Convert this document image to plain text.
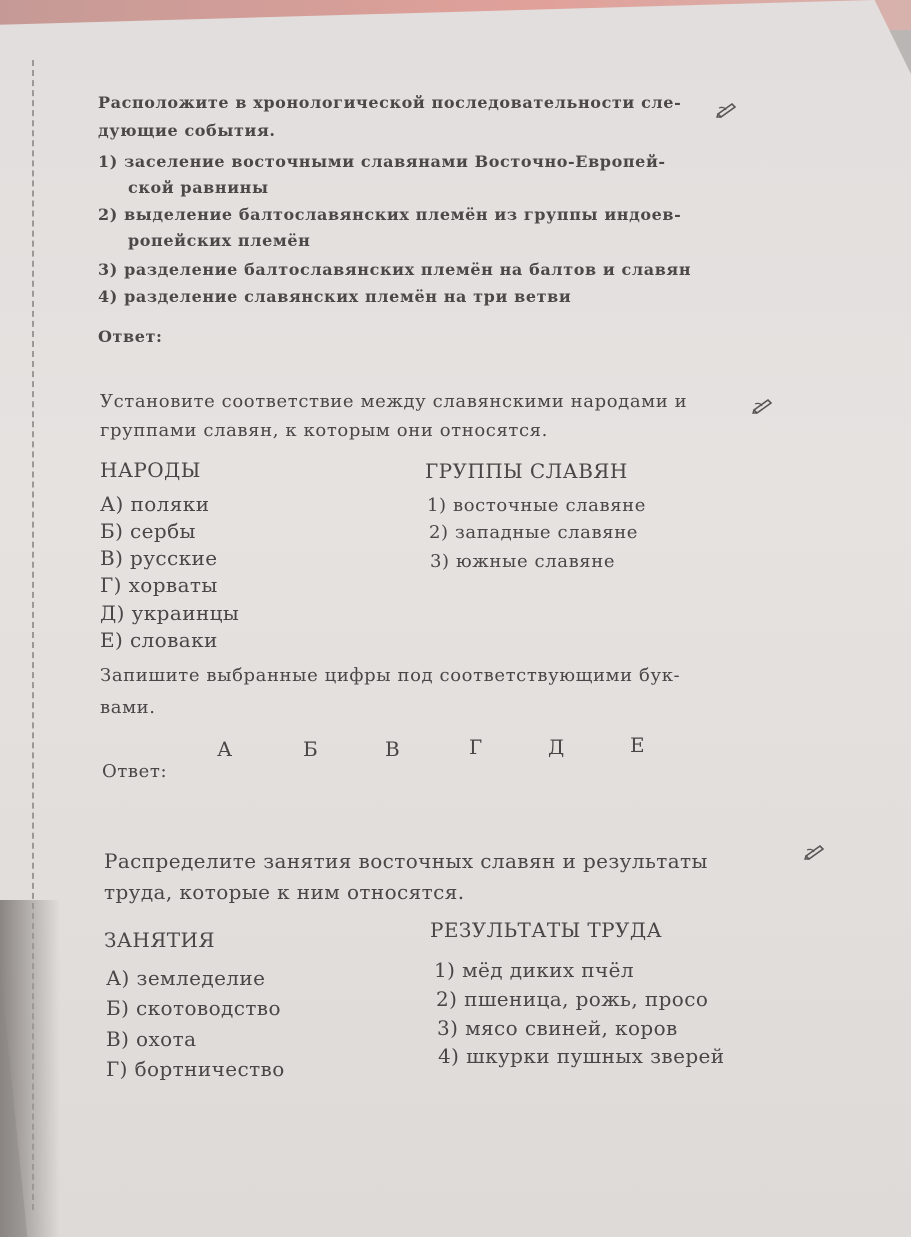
Расположите в хронологической последовательности сле-
дующие события.
1) заселение восточными славянами Восточно-Европей-
ской равнины
2) выделение балтославянских племён из группы индоев-
ропейских племён
3) разделение балтославянских племён на балтов и славян
4) разделение славянских племён на три ветви
Ответ:
Установите соответствие между славянскими народами и
группами славян, к которым они относятся.
НАРОДЫ	ГРУППЫ СЛАВЯН
А) поляки
Б) сербы
В) русские
Г) хорваты
Д) украинцы
Е) словаки
1) восточные славяне
2) западные славяне
3) южные славяне
Запишите выбранные цифры под соответствующими бук-
вами.
А	Б	В	Г	Д	Е
Ответ:
Распределите занятия восточных славян и результаты
труда, которые к ним относятся.
ЗАНЯТИЯ	РЕЗУЛЬТАТЫ ТРУДА
А) земледелие
Б) скотоводство
В) охота
Г) бортничество
1) мёд диких пчёл
2) пшеница, рожь, просо
3) мясо свиней, коров
4) шкурки пушных зверей
